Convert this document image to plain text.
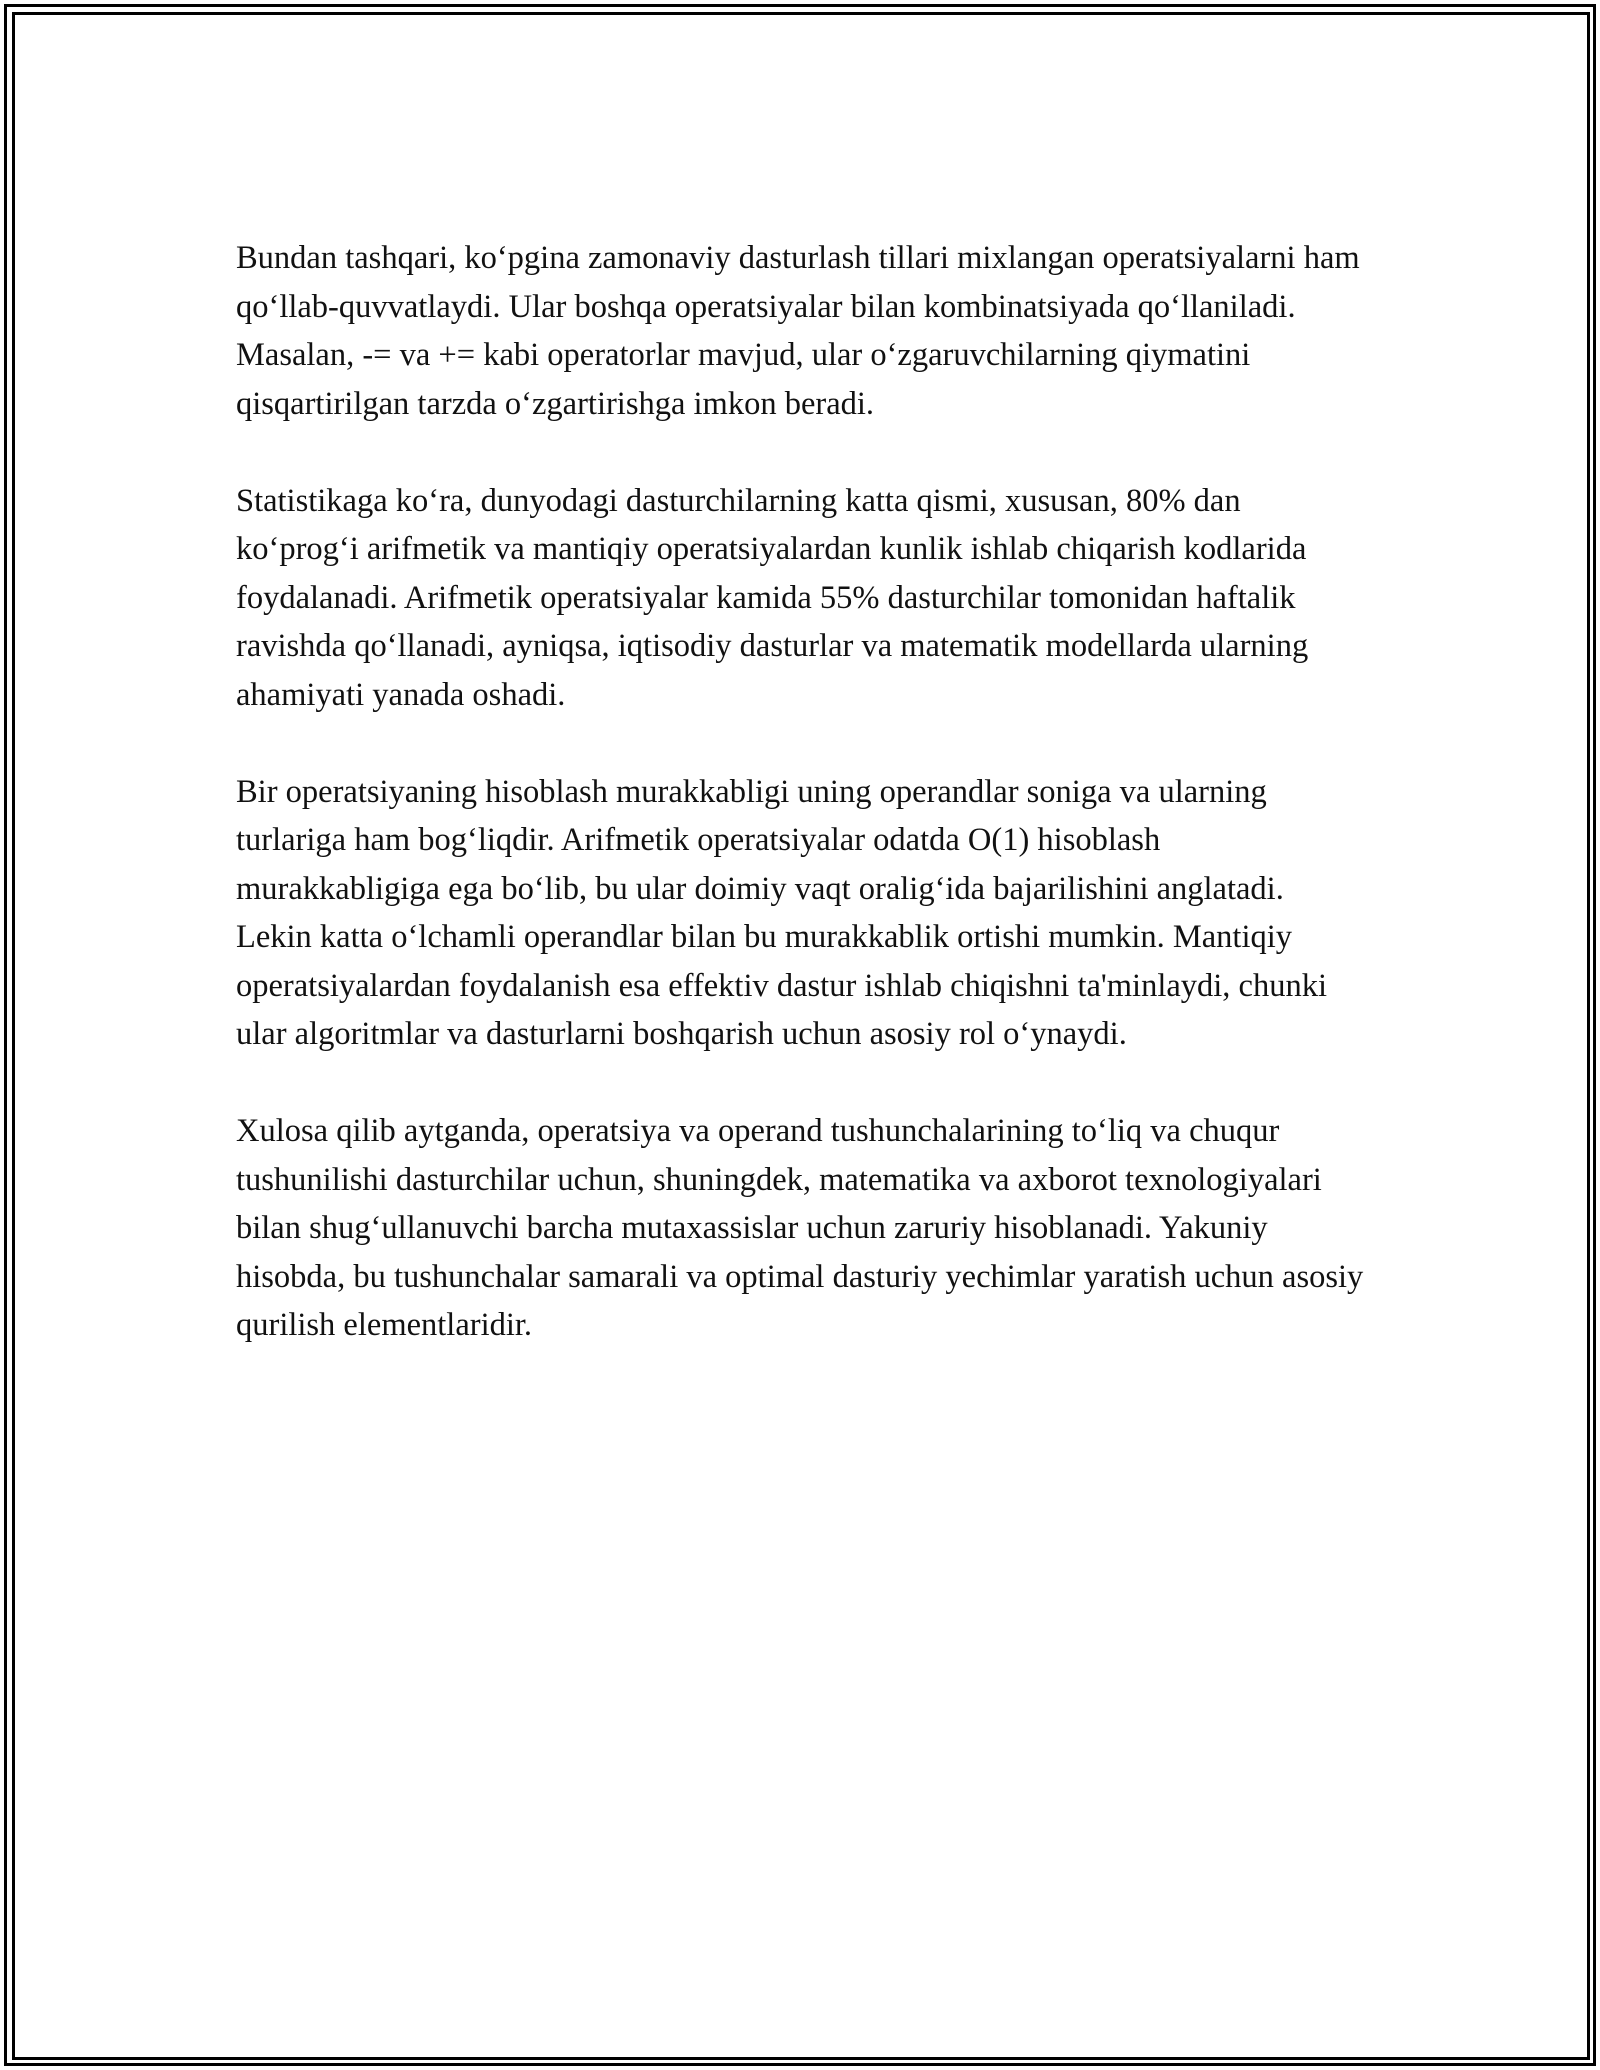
Bundan tashqari, ko‘pgina zamonaviy dasturlash tillari mixlangan operatsiyalarni ham qo‘llab-quvvatlaydi. Ular boshqa operatsiyalar bilan kombinatsiyada qo‘llaniladi. Masalan, -= va += kabi operatorlar mavjud, ular o‘zgaruvchilarning qiymatini qisqartirilgan tarzda o‘zgartirishga imkon beradi.

Statistikaga ko‘ra, dunyodagi dasturchilarning katta qismi, xususan, 80% dan ko‘prog‘i arifmetik va mantiqiy operatsiyalardan kunlik ishlab chiqarish kodlarida foydalanadi. Arifmetik operatsiyalar kamida 55% dasturchilar tomonidan haftalik ravishda qo‘llanadi, ayniqsa, iqtisodiy dasturlar va matematik modellarda ularning ahamiyati yanada oshadi.

Bir operatsiyaning hisoblash murakkabligi uning operandlar soniga va ularning turlariga ham bog‘liqdir. Arifmetik operatsiyalar odatda O(1) hisoblash murakkabligiga ega bo‘lib, bu ular doimiy vaqt oralig‘ida bajarilishini anglatadi. Lekin katta o‘lchamli operandlar bilan bu murakkablik ortishi mumkin. Mantiqiy operatsiyalardan foydalanish esa effektiv dastur ishlab chiqishni ta'minlaydi, chunki ular algoritmlar va dasturlarni boshqarish uchun asosiy rol o‘ynaydi.

Xulosa qilib aytganda, operatsiya va operand tushunchalarining to‘liq va chuqur tushunilishi dasturchilar uchun, shuningdek, matematika va axborot texnologiyalari bilan shug‘ullanuvchi barcha mutaxassislar uchun zaruriy hisoblanadi. Yakuniy hisobda, bu tushunchalar samarali va optimal dasturiy yechimlar yaratish uchun asosiy qurilish elementlaridir.
